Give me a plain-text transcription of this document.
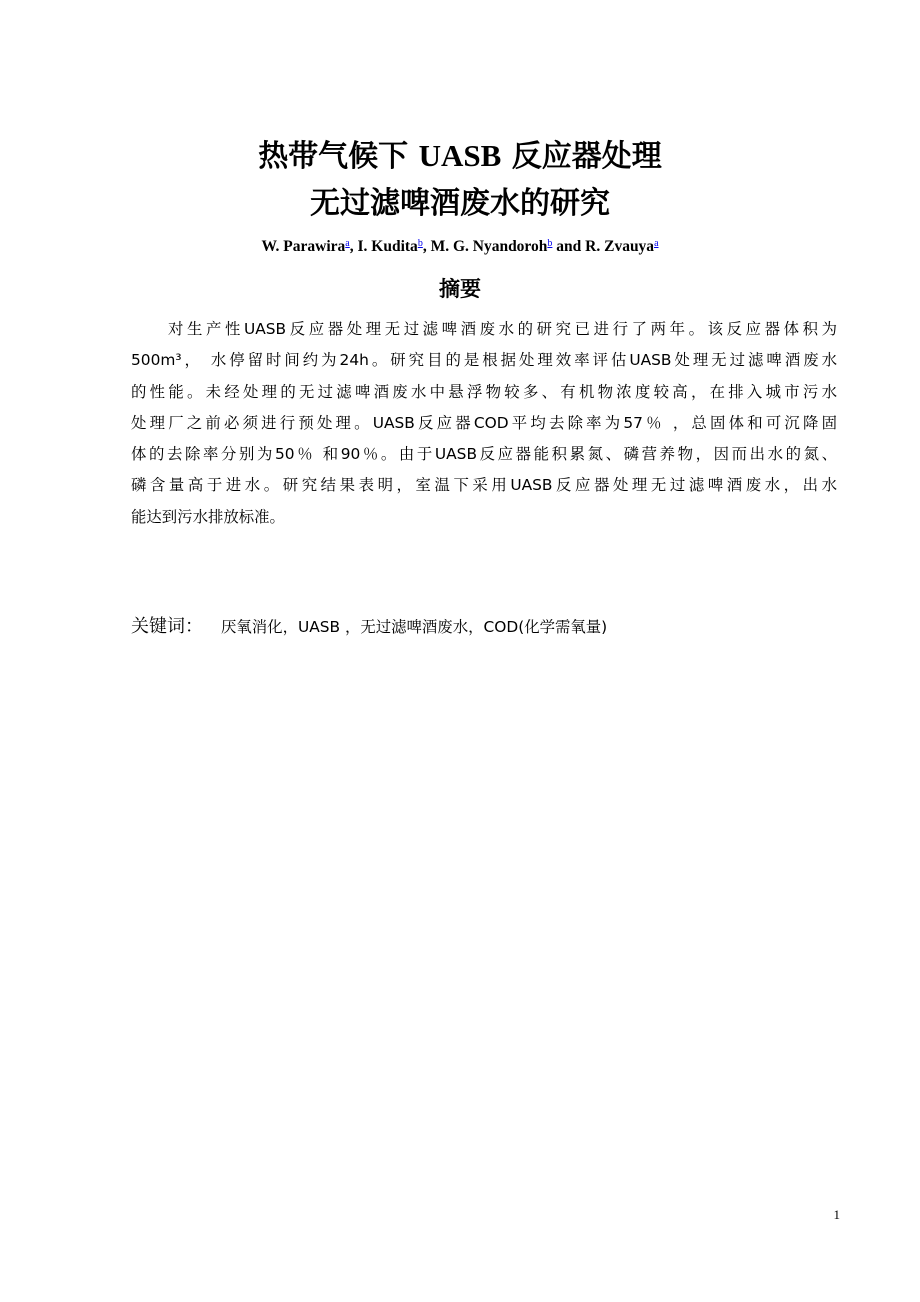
热带气候下 UASB 反应器处理
无过滤啤酒废水的研究
W. Parawira$^a$, I. Kudita$^b$, M. G. Nyandoroh$^b$ and R. Zvauya$^a$
摘要
对生产性UASB反应器处理无过滤啤酒废水的研究已进行了两年。该反应器体积为
500m³， 水停留时间约为24h。研究目的是根据处理效率评估UASB处理无过滤啤酒废水
的性能。未经处理的无过滤啤酒废水中悬浮物较多、有机物浓度较高，在排入城市污水
处理厂之前必须进行预处理。UASB反应器COD平均去除率为57％ ，总固体和可沉降固
体的去除率分别为50％ 和90％。由于UASB反应器能积累氮、磷营养物，因而出水的氮、
磷含量高于进水。研究结果表明，室温下采用UASB反应器处理无过滤啤酒废水，出水
能达到污水排放标准。
关键词： 厌氧消化，UASB ，无过滤啤酒废水，COD(化学需氧量)
1
